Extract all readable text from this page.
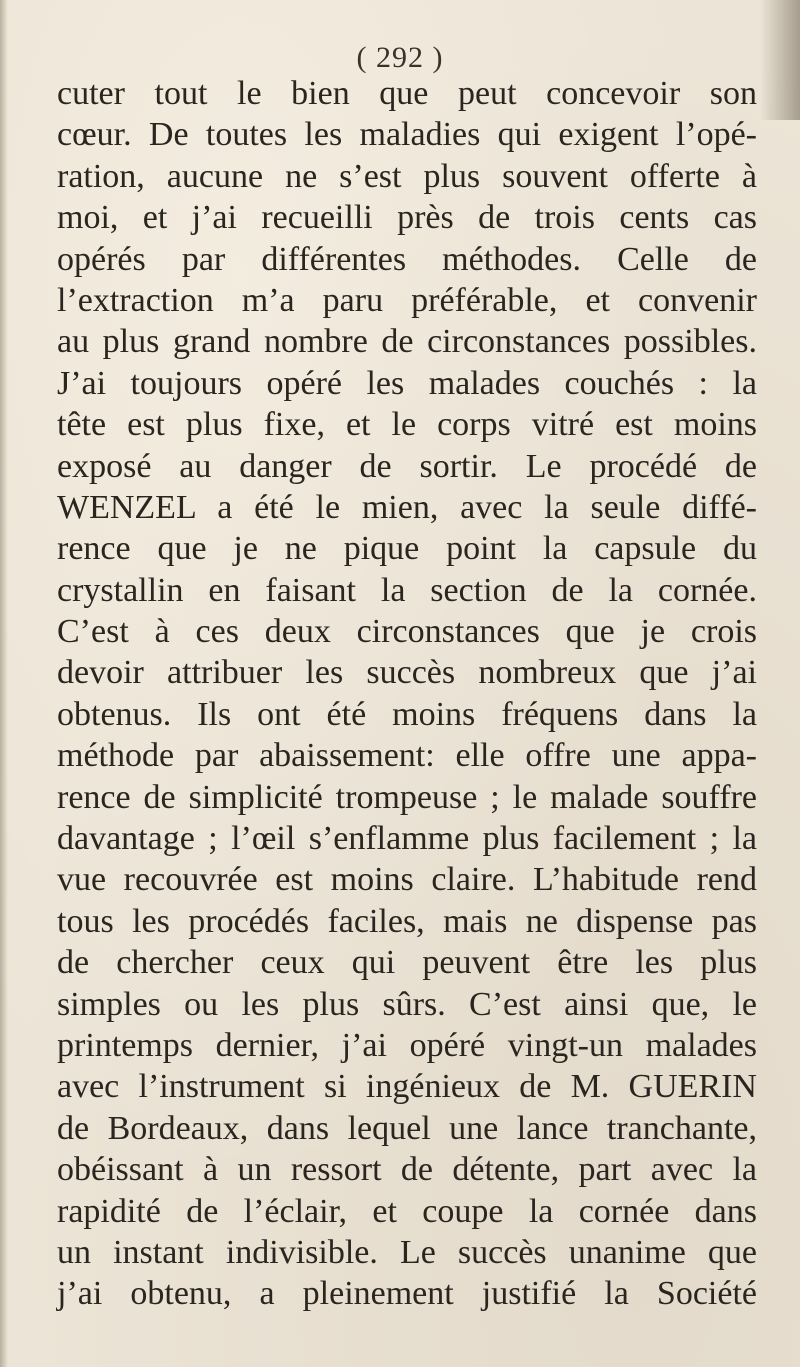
( 292 )
cuter tout le bien que peut concevoir son
cœur. De toutes les maladies qui exigent l’opé-
ration, aucune ne s’est plus souvent offerte à
moi, et j’ai recueilli près de trois cents cas
opérés par différentes méthodes. Celle de
l’extraction m’a paru préférable, et convenir
au plus grand nombre de circonstances possibles.
J’ai toujours opéré les malades couchés : la
tête est plus fixe, et le corps vitré est moins
exposé au danger de sortir. Le procédé de
WENZEL a été le mien, avec la seule diffé-
rence que je ne pique point la capsule du
crystallin en faisant la section de la cornée.
C’est à ces deux circonstances que je crois
devoir attribuer les succès nombreux que j’ai
obtenus. Ils ont été moins fréquens dans la
méthode par abaissement: elle offre une appa-
rence de simplicité trompeuse ; le malade souffre
davantage ; l’œil s’enflamme plus facilement ; la
vue recouvrée est moins claire. L’habitude rend
tous les procédés faciles, mais ne dispense pas
de chercher ceux qui peuvent être les plus
simples ou les plus sûrs. C’est ainsi que, le
printemps dernier, j’ai opéré vingt-un malades
avec l’instrument si ingénieux de M. GUERIN
de Bordeaux, dans lequel une lance tranchante,
obéissant à un ressort de détente, part avec la
rapidité de l’éclair, et coupe la cornée dans
un instant indivisible. Le succès unanime que
j’ai obtenu, a pleinement justifié la Société
